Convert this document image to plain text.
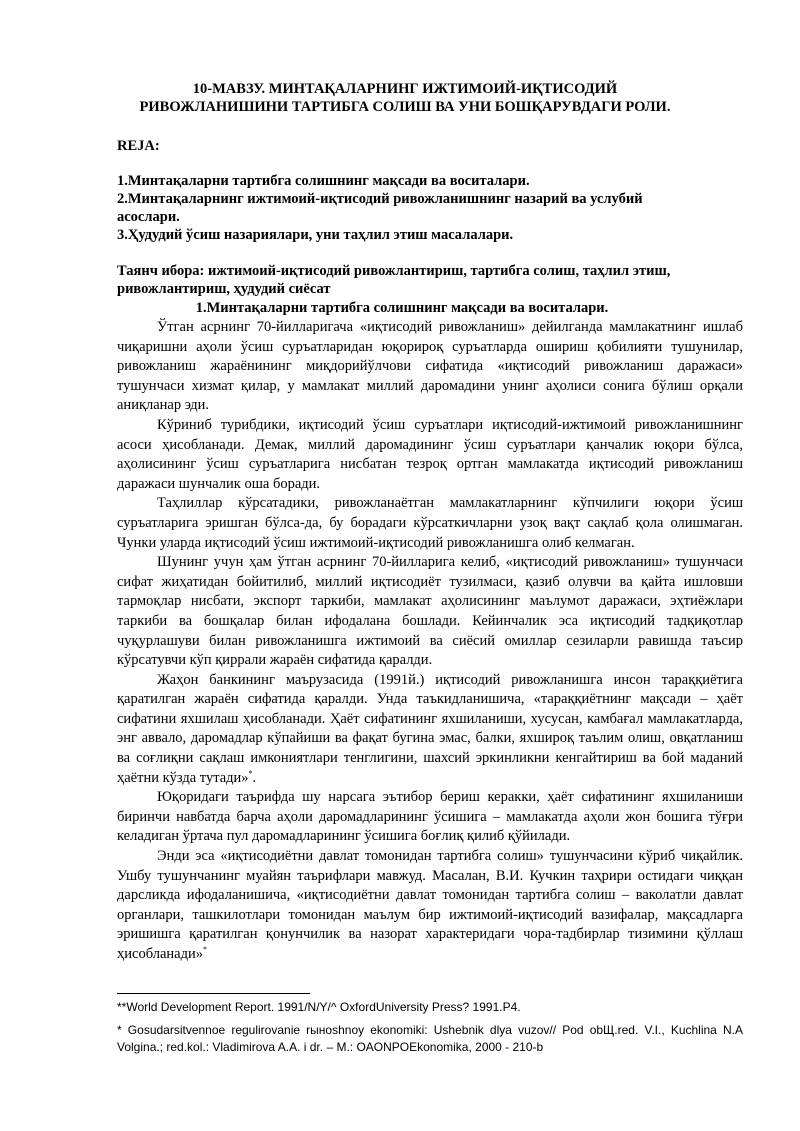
10-МАВЗУ. МИНТАҚАЛАРНИНГ ИЖТИМОИЙ-ИҚТИСОДИЙ
РИВОЖЛАНИШИНИ ТАРТИБГА СОЛИШ ВА УНИ БОШҚАРУВДАГИ РОЛИ.
REJA:
1.Минтақаларни тартибга солишнинг мақсади ва воситалари.
2.Минтақаларнинг ижтимоий-иқтисодий ривожланишнинг назарий ва услубий асослари.
3.Ҳудудий ўсиш назариялари, уни таҳлил этиш масалалари.
Таянч ибора: ижтимоий-иқтисодий ривожлантириш, тартибга солиш, таҳлил этиш, ривожлантириш, ҳудудий сиёсат
1.Минтақаларни тартибга солишнинг мақсади ва воситалари.

Ўтган асрнинг 70-йилларигача «иқтисодий ривожланиш» дейилганда мамлакатнинг ишлаб чиқаришни аҳоли ўсиш суръатларидан юқорироқ суръатларда ошириш қобилияти тушунилар, ривожланиш жараёнининг миқдорийўлчови сифатида «иқтисодий ривожланиш даражаси» тушунчаси хизмат қилар, у мамлакат миллий даромадини унинг аҳолиси сонига бўлиш орқали аниқланар эди.

Кўриниб турибдики, иқтисодий ўсиш суръатлари иқтисодий-ижтимоий ривожланишнинг асоси ҳисобланади. Демак, миллий даромадининг ўсиш суръатлари қанчалик юқори бўлса, аҳолисининг ўсиш суръатларига нисбатан тезроқ ортган мамлакатда иқтисодий ривожланиш даражаси шунчалик оша боради.

Таҳлиллар кўрсатадики, ривожланаётган мамлакатларнинг кўпчилиги юқори ўсиш суръатларига эришган бўлса-да, бу борадаги кўрсаткичларни узоқ вақт сақлаб қола олишмаган. Чунки уларда иқтисодий ўсиш ижтимоий-иқтисодий ривожланишга олиб келмаган.

Шунинг учун ҳам ўтган асрнинг 70-йилларига келиб, «иқтисодий ривожланиш» тушунчаси сифат жиҳатидан бойитилиб, миллий иқтисодиёт тузилмаси, қазиб олувчи ва қайта ишловши тармоқлар нисбати, экспорт таркиби, мамлакат аҳолисининг маълумот даражаси, эҳтиёжлари таркиби ва бошқалар билан ифодалана бошлади. Кейинчалик эса иқтисодий тадқиқотлар чуқурлашуви билан ривожланишга ижтимоий ва сиёсий омиллар сезиларли равишда таъсир кўрсатувчи кўп қиррали жараён сифатида қаралди.

Жаҳон банкининг маърузасида (1991й.) иқтисодий ривожланишга инсон тараққиётига қаратилган жараён сифатида қаралди. Унда таъкидланишича, «тараққиётнинг мақсади – ҳаёт сифатини яхшилаш ҳисобланади. Ҳаёт сифатининг яхшиланиши, хусусан, камбағал мамлакатларда, энг аввало, даромадлар кўпайиши ва фақат бугина эмас, балки, яхшироқ таълим олиш, овқатланиш ва соғлиқни сақлаш имкониятлари тенглигини, шахсий эркинликни кенгайтириш ва бой маданий ҳаётни кўзда тутади»*.

Юқоридаги таърифда шу нарсага эътибор бериш керакки, ҳаёт сифатининг яхшиланиши биринчи навбатда барча аҳоли даромадларининг ўсишига – мамлакатда аҳоли жон бошига тўғри келадиган ўртача пул даромадларининг ўсишига боғлиқ қилиб қўйилади.

Энди эса «иқтисодиётни давлат томонидан тартибга солиш» тушунчасини кўриб чиқайлик. Ушбу тушунчанинг муайян таърифлари мавжуд. Масалан, В.И. Кучкин таҳрири остидаги чиққан дарсликда ифодаланишича, «иқтисодиётни давлат томонидан тартибга солиш – ваколатли давлат органлари, ташкилотлари томонидан маълум бир ижтимоий-иқтисодий вазифалар, мақсадларга эришишга қаратилган қонунчилик ва назорат характеридаги чора-тадбирлар тизимини қўллаш ҳисобланади»*

**World Development Report. 1991/N/Y/^ OxfordUniversity Press? 1991.P4.

* Gosudarsitvennoe regulirovanie rынoshnoy ekonomiki: Ushebnik dlya vuzov// Pod obЩ.red. V.I., Kuchlina N.A Volgina.; red.kol.: Vladimirova A.A. i dr. – M.: OAONPOEkonomika, 2000 - 210-b
